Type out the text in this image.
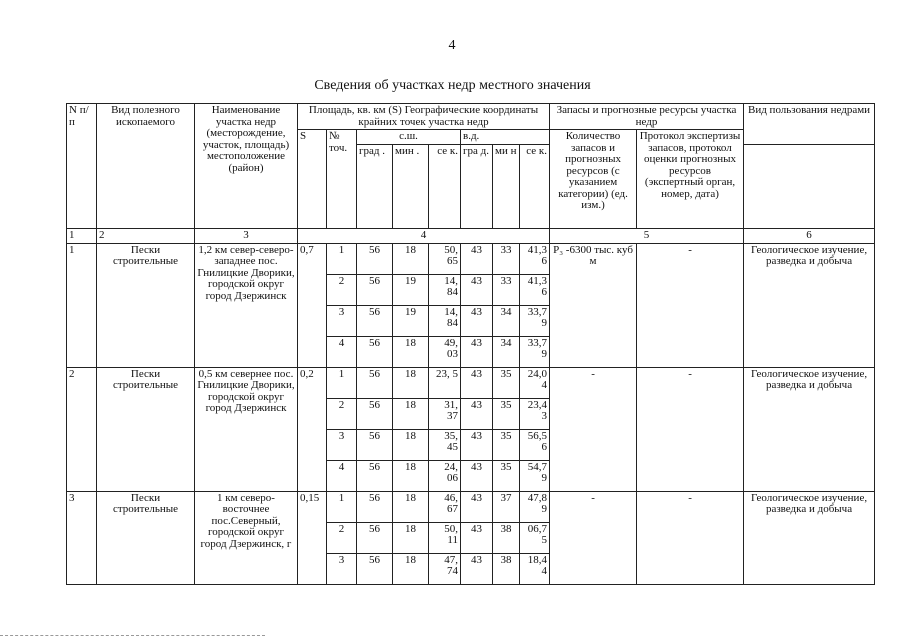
4
Сведения об участках недр местного значения
N п/п	Вид полезного ископаемого	Наименование участка недр (месторождение, участок, площадь) местоположение (район)	Площадь, кв. км (S) Географические координаты крайних точек участка недр								Запасы и прогнозные ресурсы участка недр		Вид пользования недрами
			S	№ точ.	с.ш.			в.д.			Количество запасов и прогнозных ресурсов (с указанием категории) (ед. изм.)	Протокол экспертизы запасов, протокол оценки прогнозных ресурсов (экспертный орган, номер, дата)	
					град .	мин .	се к.	гра д.	ми н	се к.			
1	2	3	4								5		6
1	Пески строительные	1,2 км север-северо-западнее пос. Гнилицкие Дворики, городской округ город Дзержинск	0,7	1	56	18	50, 65	43	33	41,3 6	Р₃ -6300 тыс. куб м	-	Геологическое изучение, разведка и добыча
				2	56	19	14, 84	43	33	41,3 6			
				3	56	19	14, 84	43	34	33,7 9			
				4	56	18	49, 03	43	34	33,7 9			
2	Пески строительные	0,5 км севернее пос. Гнилицкие Дворики, городской округ город Дзержинск	0,2	1	56	18	23, 5	43	35	24,0 4	-	-	Геологическое изучение, разведка и добыча
				2	56	18	31, 37	43	35	23,4 3			
				3	56	18	35, 45	43	35	56,5 6			
				4	56	18	24, 06	43	35	54,7 9			
3	Пески строительные	1 км северо-восточнее пос.Северный, городской округ город Дзержинск, г	0,15	1	56	18	46, 67	43	37	47,8 9	-	-	Геологическое изучение, разведка и добыча
				2	56	18	50, 11	43	38	06,7 5			
				3	56	18	47, 74	43	38	18,4 4			
